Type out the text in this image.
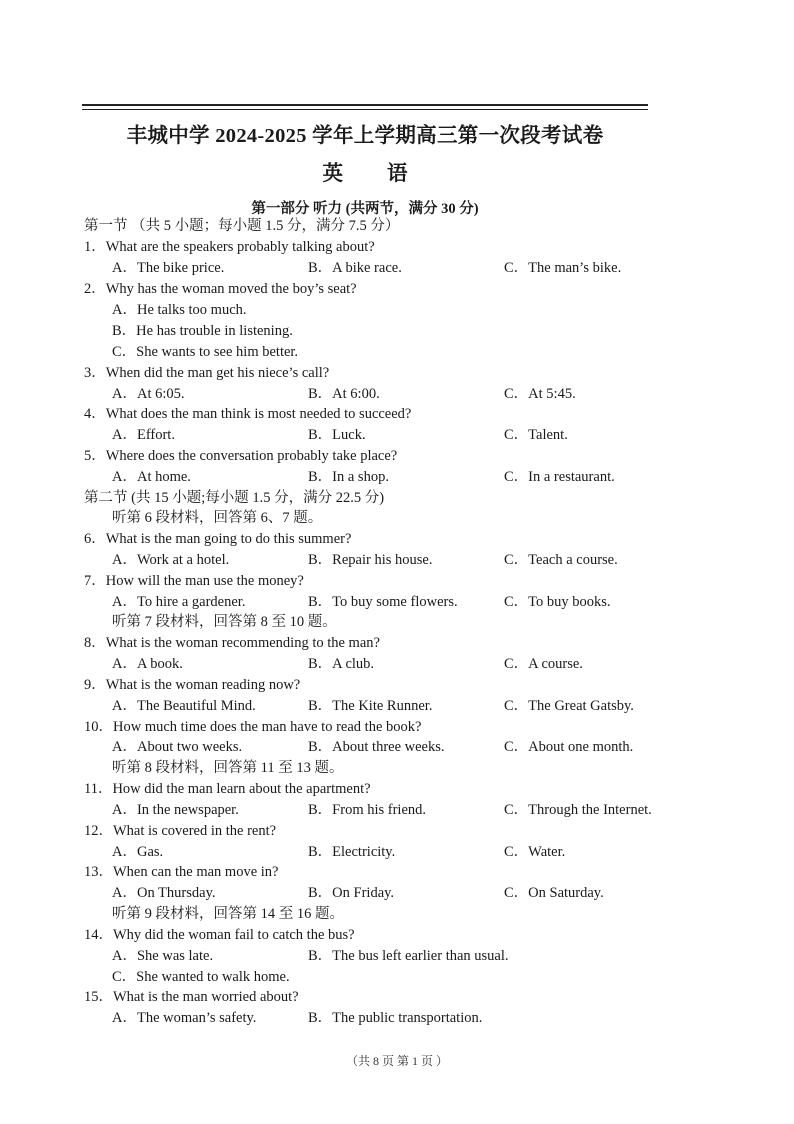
丰城中学 2024-2025 学年上学期高三第一次段考试卷
英 语
第一部分 听力 (共两节，满分 30 分)
第一节 （共 5 小题；每小题 1.5 分，满分 7.5 分）
1．What are the speakers probably talking about?
A．The bike price.	B．A bike race.	C．The man’s bike.
2．Why has the woman moved the boy’s seat?
A．He talks too much.
B．He has trouble in listening.
C．She wants to see him better.
3．When did the man get his niece’s call?
A．At 6:05.	B．At 6:00.	C．At 5:45.
4．What does the man think is most needed to succeed?
A．Effort.	B．Luck.	C．Talent.
5．Where does the conversation probably take place?
A．At home.	B．In a shop.	C．In a restaurant.
第二节 (共 15 小题;每小题 1.5 分，满分 22.5 分)
听第 6 段材料，回答第 6、7 题。
6．What is the man going to do this summer?
A．Work at a hotel.	B．Repair his house.	C．Teach a course.
7．How will the man use the money?
A．To hire a gardener.	B．To buy some flowers.	C．To buy books.
听第 7 段材料，回答第 8 至 10 题。
8．What is the woman recommending to the man?
A．A book.	B．A club.	C．A course.
9．What is the woman reading now?
A．The Beautiful Mind.	B．The Kite Runner.	C．The Great Gatsby.
10．How much time does the man have to read the book?
A．About two weeks.	B．About three weeks.	C．About one month.
听第 8 段材料，回答第 11 至 13 题。
11．How did the man learn about the apartment?
A．In the newspaper.	B．From his friend.	C．Through the Internet.
12．What is covered in the rent?
A．Gas.	B．Electricity.	C．Water.
13．When can the man move in?
A．On Thursday.	B．On Friday.	C．On Saturday.
听第 9 段材料，回答第 14 至 16 题。
14．Why did the woman fail to catch the bus?
A．She was late.	B．The bus left earlier than usual.
C．She wanted to walk home.
15．What is the man worried about?
A．The woman’s safety.	B．The public transportation.
（共 8 页 第 1 页 ）
